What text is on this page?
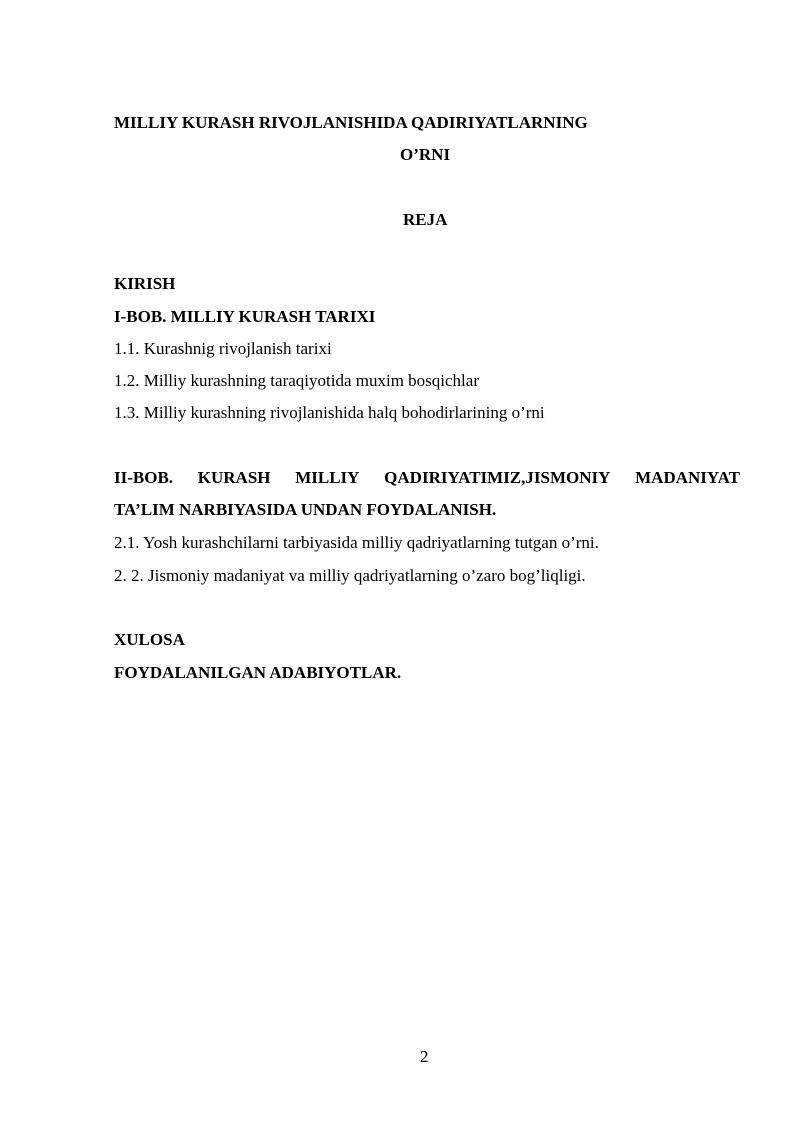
MILLIY KURASH RIVOJLANISHIDA QADIRIYATLARNING
O’RNI
REJA
KIRISH
I-BOB. MILLIY KURASH TARIXI
1.1. Kurashnig rivojlanish tarixi
1.2. Milliy kurashning taraqiyotida muxim bosqichlar
1.3. Milliy kurashning rivojlanishida halq bohodirlarining o’rni
II-BOB. KURASH MILLIY QADIRIYATIMIZ,JISMONIY MADANIYAT
TA’LIM NARBIYASIDA UNDAN FOYDALANISH.
2.1. Yosh kurashchilarni tarbiyasida milliy qadriyatlarning tutgan o’rni.
2. 2. Jismoniy madaniyat va milliy qadriyatlarning o’zaro bog’liqligi.
XULOSA
FOYDALANILGAN ADABIYOTLAR.
2
